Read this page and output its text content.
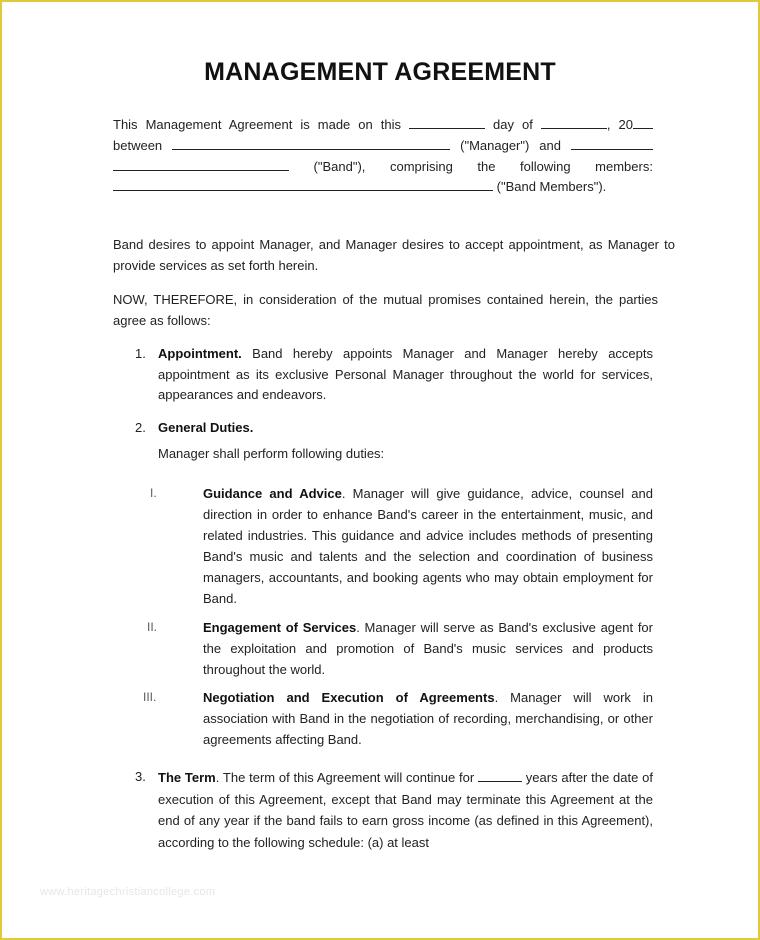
MANAGEMENT AGREEMENT
This Management Agreement is made on this	day of	, 20
between	("Manager") and
("Band"), comprising the following members:
("Band Members").
Band desires to appoint Manager, and Manager desires to accept appointment, as Manager to provide services as set forth herein.
NOW, THEREFORE, in consideration of the mutual promises contained herein, the parties agree as follows:
1. Appointment. Band hereby appoints Manager and Manager hereby accepts appointment as its exclusive Personal Manager throughout the world for services, appearances and endeavors.
2. General Duties.
Manager shall perform following duties:
I.	Guidance and Advice. Manager will give guidance, advice, counsel and direction in order to enhance Band's career in the entertainment, music, and related industries. This guidance and advice includes methods of presenting Band's music and talents and the selection and coordination of business managers, accountants, and booking agents who may obtain employment for Band.
II.	Engagement of Services. Manager will serve as Band's exclusive agent for the exploitation and promotion of Band's music services and products throughout the world.
III.	Negotiation and Execution of Agreements. Manager will work in association with Band in the negotiation of recording, merchandising, or other agreements affecting Band.
3. The Term. The term of this Agreement will continue for	years after the date of execution of this Agreement, except that Band may terminate this Agreement at the end of any year if the band fails to earn gross income (as defined in this Agreement), according to the following schedule: (a) at least
www.heritagechristiancollege.com
